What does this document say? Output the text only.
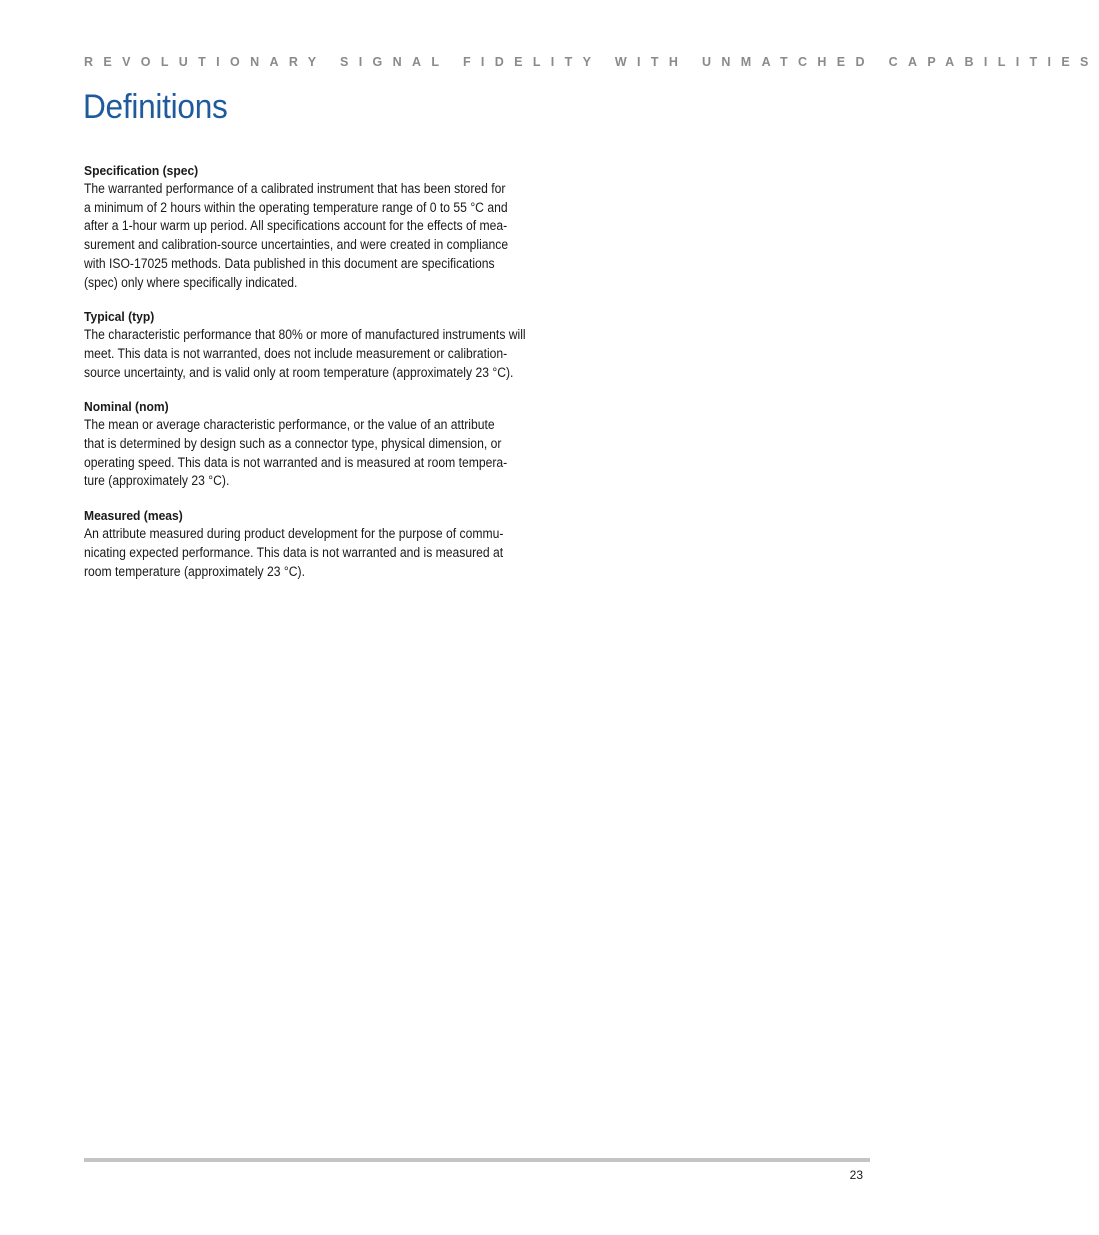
REVOLUTIONARY SIGNAL FIDELITY WITH UNMATCHED CAPABILITIES
Definitions
Specification (spec)
The warranted performance of a calibrated instrument that has been stored for
a minimum of 2 hours within the operating temperature range of 0 to 55 °C and
after a 1-hour warm up period. All specifications account for the effects of mea-
surement and calibration-source uncertainties, and were created in compliance
with ISO-17025 methods. Data published in this document are specifications
(spec) only where specifically indicated.
Typical (typ)
The characteristic performance that 80% or more of manufactured instruments will
meet. This data is not warranted, does not include measurement or calibration-
source uncertainty, and is valid only at room temperature (approximately 23 °C).
Nominal (nom)
The mean or average characteristic performance, or the value of an attribute
that is determined by design such as a connector type, physical dimension, or
operating speed. This data is not warranted and is measured at room tempera-
ture (approximately 23 °C).
Measured (meas)
An attribute measured during product development for the purpose of commu-
nicating expected performance. This data is not warranted and is measured at
room temperature (approximately 23 °C).
23
